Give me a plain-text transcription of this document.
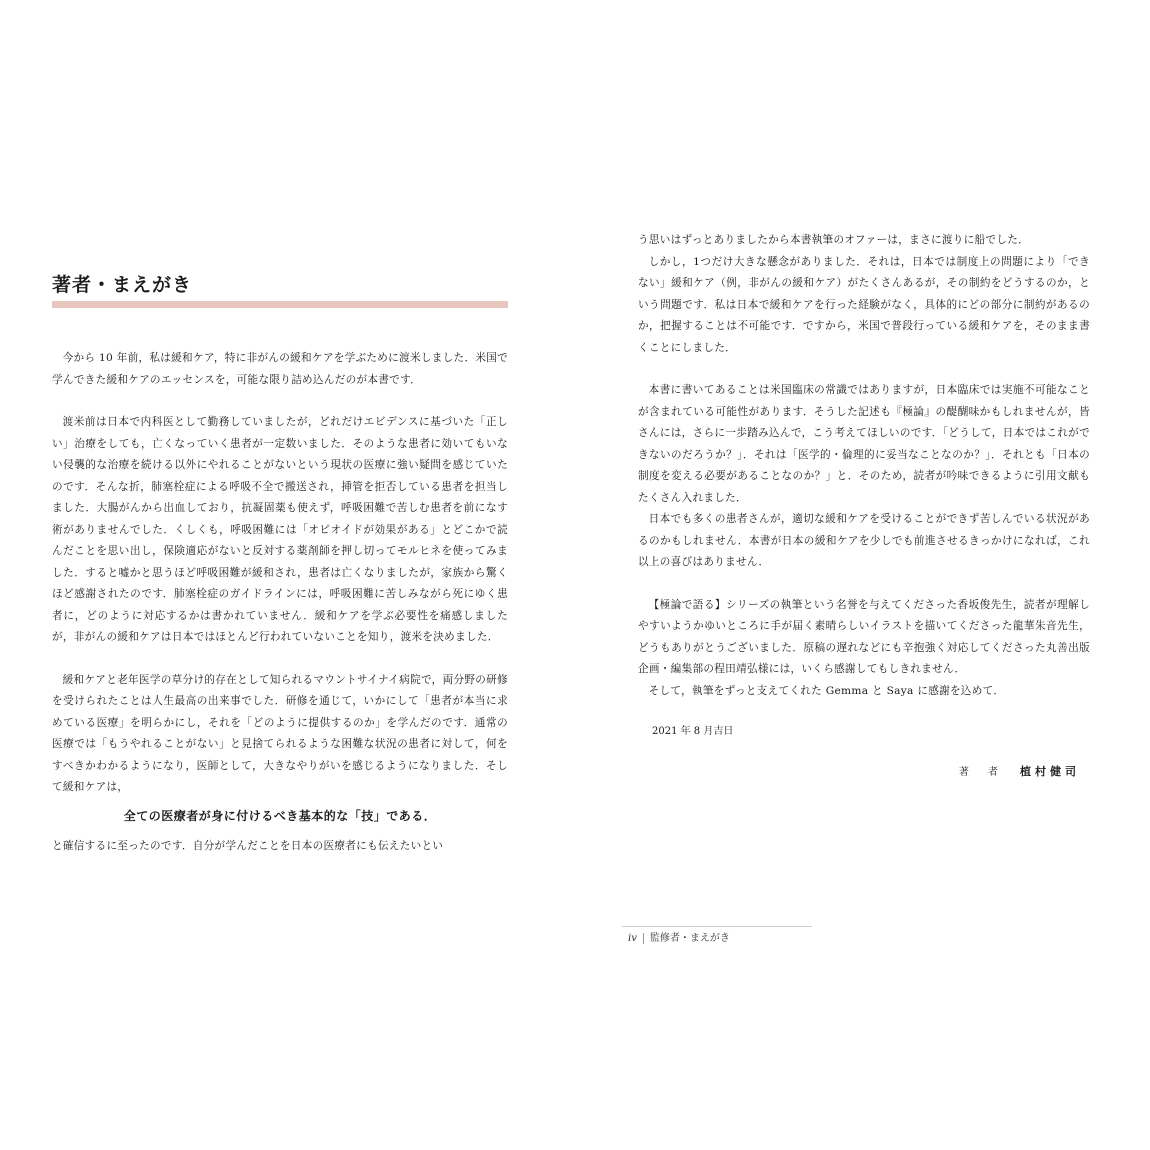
著者・まえがき

今から 10 年前，私は緩和ケア，特に非がんの緩和ケアを学ぶために渡米しました．米国で学んできた緩和ケアのエッセンスを，可能な限り詰め込んだのが本書です．

渡米前は日本で内科医として勤務していましたが，どれだけエビデンスに基づいた「正しい」治療をしても，亡くなっていく患者が一定数いました．そのような患者に効いてもいない侵襲的な治療を続ける以外にやれることがないという現状の医療に強い疑問を感じていたのです．そんな折，肺塞栓症による呼吸不全で搬送され，挿管を拒否している患者を担当しました．大腸がんから出血しており，抗凝固薬も使えず，呼吸困難で苦しむ患者を前になす術がありませんでした．くしくも，呼吸困難には「オピオイドが効果がある」とどこかで読んだことを思い出し，保険適応がないと反対する薬剤師を押し切ってモルヒネを使ってみました．すると嘘かと思うほど呼吸困難が緩和され，患者は亡くなりましたが，家族から驚くほど感謝されたのです．肺塞栓症のガイドラインには，呼吸困難に苦しみながら死にゆく患者に，どのように対応するかは書かれていません．緩和ケアを学ぶ必要性を痛感しましたが，非がんの緩和ケアは日本ではほとんど行われていないことを知り，渡米を決めました．

緩和ケアと老年医学の草分け的存在として知られるマウントサイナイ病院で，両分野の研修を受けられたことは人生最高の出来事でした．研修を通じて，いかにして「患者が本当に求めている医療」を明らかにし，それを「どのように提供するのか」を学んだのです．通常の医療では「もうやれることがない」と見捨てられるような困難な状況の患者に対して，何をすべきかわかるようになり，医師として，大きなやりがいを感じるようになりました．そして緩和ケアは，

全ての医療者が身に付けるべき基本的な「技」である．

と確信するに至ったのです．自分が学んだことを日本の医療者にも伝えたいとい

う思いはずっとありましたから本書執筆のオファーは，まさに渡りに船でした．

しかし，1つだけ大きな懸念がありました．それは，日本では制度上の問題により「できない」緩和ケア（例，非がんの緩和ケア）がたくさんあるが，その制約をどうするのか，という問題です．私は日本で緩和ケアを行った経験がなく，具体的にどの部分に制約があるのか，把握することは不可能です．ですから，米国で普段行っている緩和ケアを，そのまま書くことにしました．

本書に書いてあることは米国臨床の常識ではありますが，日本臨床では実施不可能なことが含まれている可能性があります．そうした記述も『極論』の醍醐味かもしれませんが，皆さんには，さらに一歩踏み込んで，こう考えてほしいのです．「どうして，日本ではこれができないのだろうか？」．それは「医学的・倫理的に妥当なことなのか？」．それとも「日本の制度を変える必要があることなのか？」と．そのため，読者が吟味できるように引用文献もたくさん入れました．

日本でも多くの患者さんが，適切な緩和ケアを受けることができず苦しんでいる状況があるのかもしれません．本書が日本の緩和ケアを少しでも前進させるきっかけになれば，これ以上の喜びはありません．

【極論で語る】シリーズの執筆という名誉を与えてくださった香坂俊先生，読者が理解しやすいようかゆいところに手が届く素晴らしいイラストを描いてくださった龍華朱音先生，どうもありがとうございました．原稿の遅れなどにも辛抱強く対応してくださった丸善出版企画・編集部の程田靖弘様には，いくら感謝してもしきれません．

そして，執筆をずっと支えてくれた Gemma と Saya に感謝を込めて．

2021 年 8 月吉日

著 者 植村健司

iv 監修者・まえがき
